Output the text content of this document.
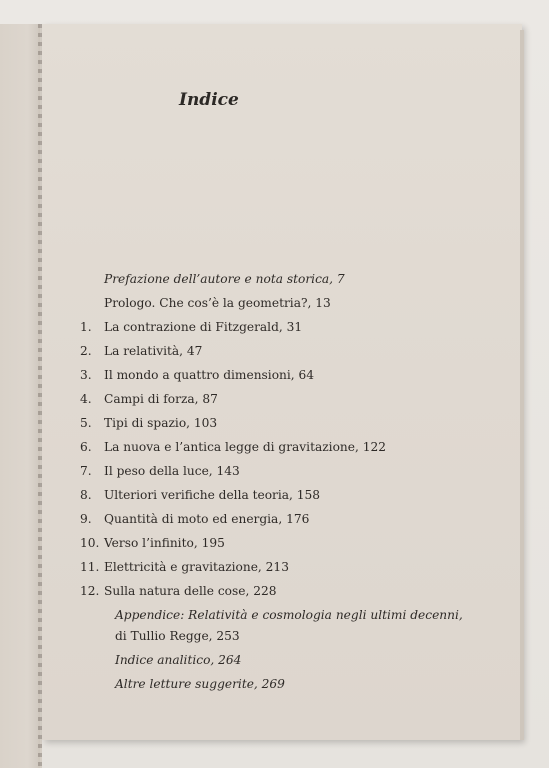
Indice

Prefazione dell’autore e nota storica, 7

Prologo. Che cos’è la geometria?, 13

1. La contrazione di Fitzgerald, 31

2. La relatività, 47

3. Il mondo a quattro dimensioni, 64

4. Campi di forza, 87

5. Tipi di spazio, 103

6. La nuova e l’antica legge di gravitazione, 122

7. Il peso della luce, 143

8. Ulteriori verifiche della teoria, 158

9. Quantità di moto ed energia, 176

10. Verso l’infinito, 195

11. Elettricità e gravitazione, 213

12. Sulla natura delle cose, 228

Appendice: Relatività e cosmologia negli ultimi decenni,

di Tullio Regge, 253

Indice analitico, 264

Altre letture suggerite, 269
